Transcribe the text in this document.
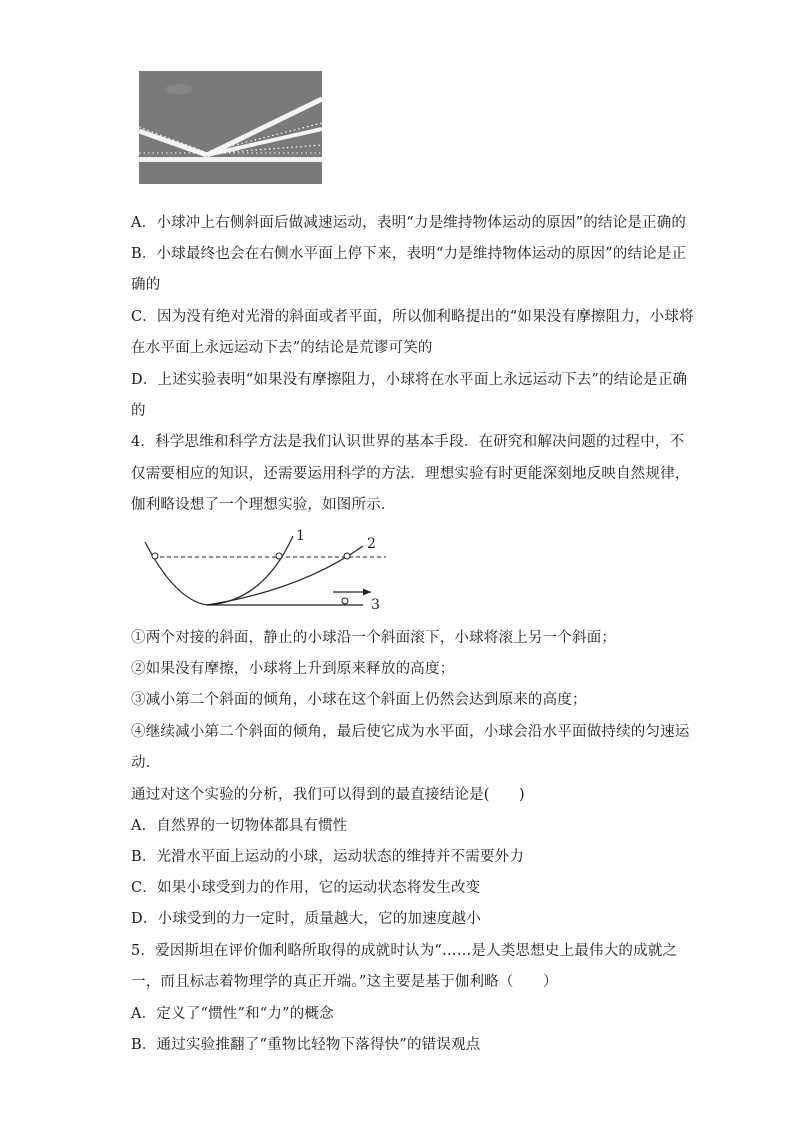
A．小球冲上右侧斜面后做减速运动，表明“力是维持物体运动的原因”的结论是正确的
B．小球最终也会在右侧水平面上停下来，表明“力是维持物体运动的原因”的结论是正
确的
C．因为没有绝对光滑的斜面或者平面，所以伽利略提出的“如果没有摩擦阻力，小球将
在水平面上永远运动下去”的结论是荒谬可笑的
D．上述实验表明“如果没有摩擦阻力，小球将在水平面上永远运动下去”的结论是正确
的
4．科学思维和科学方法是我们认识世界的基本手段．在研究和解决问题的过程中，不
仅需要相应的知识，还需要运用科学的方法．理想实验有时更能深刻地反映自然规律，
伽利略设想了一个理想实验，如图所示．
1	2
3
①两个对接的斜面，静止的小球沿一个斜面滚下，小球将滚上另一个斜面；
②如果没有摩擦，小球将上升到原来释放的高度；
③减小第二个斜面的倾角，小球在这个斜面上仍然会达到原来的高度；
④继续减小第二个斜面的倾角，最后使它成为水平面，小球会沿水平面做持续的匀速运
动．
通过对这个实验的分析，我们可以得到的最直接结论是(　　)
A．自然界的一切物体都具有惯性
B．光滑水平面上运动的小球，运动状态的维持并不需要外力
C．如果小球受到力的作用，它的运动状态将发生改变
D．小球受到的力一定时，质量越大，它的加速度越小
5．爱因斯坦在评价伽利略所取得的成就时认为“……是人类思想史上最伟大的成就之
一，而且标志着物理学的真正开端。”这主要是基于伽利略（　　）
A．定义了“惯性”和“力”的概念
B．通过实验推翻了“重物比轻物下落得快”的错误观点
